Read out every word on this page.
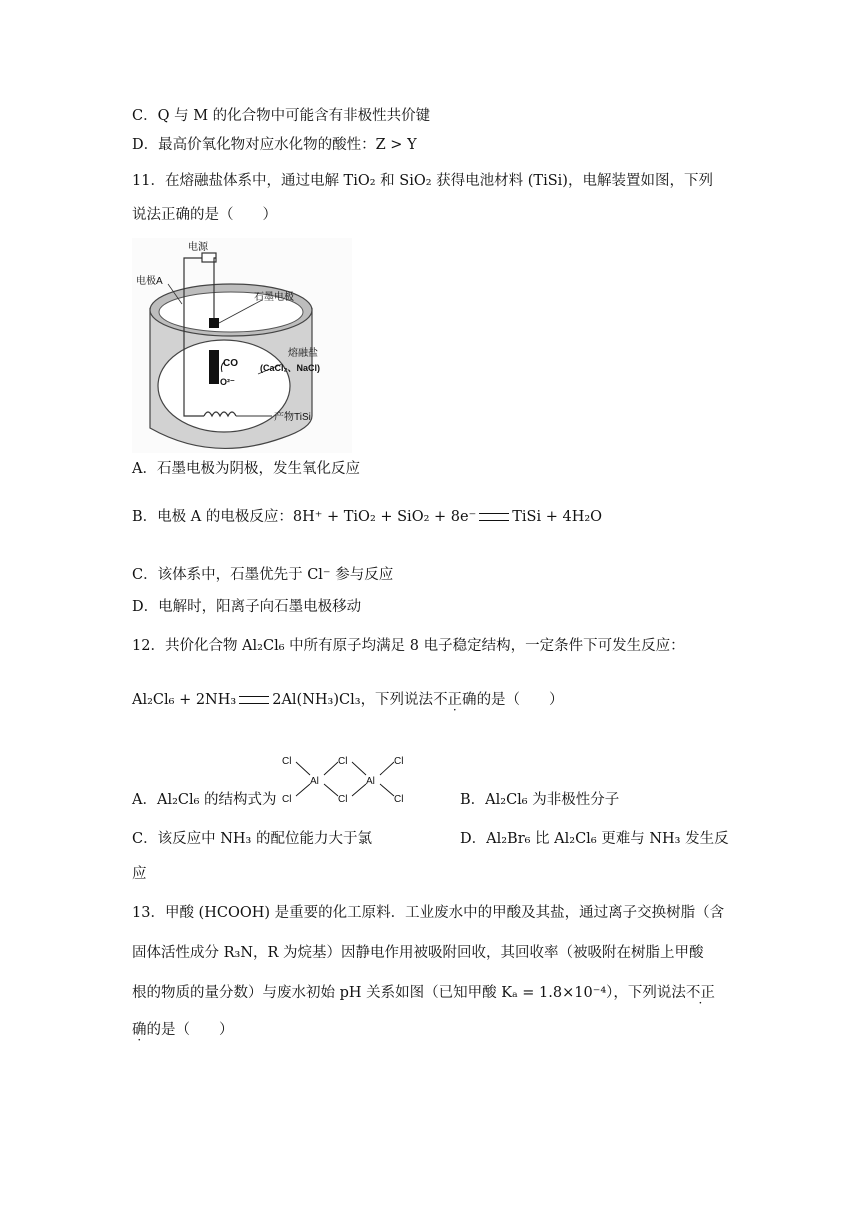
C．Q 与 M 的化合物中可能含有非极性共价键
D．最高价氧化物对应水化物的酸性：Z > Y
11．在熔融盐体系中，通过电解 TiO₂ 和 SiO₂ 获得电池材料 (TiSi)，电解装置如图，下列
说法正确的是（　　）
电源
电极A
石墨电极
CO
O²⁻
熔融盐
(CaCl₂、NaCl)
产物TiSi
A．石墨电极为阴极，发生氧化反应
B．电极 A 的电极反应：8H⁺ + TiO₂ + SiO₂ + 8e⁻ TiSi + 4H₂O
C．该体系中，石墨优先于 Cl⁻ 参与反应
D．电解时，阳离子向石墨电极移动
12．共价化合物 Al₂Cl₆ 中所有原子均满足 8 电子稳定结构，一定条件下可发生反应：
Al₂Cl₆ + 2NH₃ 2Al(NH₃)Cl₃，下列说法不正确的是（　　）
Cl
Cl
Al
Cl
Cl
Al
Cl
Cl
A．Al₂Cl₆ 的结构式为	B．Al₂Cl₆ 为非极性分子
C．该反应中 NH₃ 的配位能力大于氯	D．Al₂Br₆ 比 Al₂Cl₆ 更难与 NH₃ 发生反
应
13．甲酸 (HCOOH) 是重要的化工原料．工业废水中的甲酸及其盐，通过离子交换树脂（含
固体活性成分 R₃N，R 为烷基）因静电作用被吸附回收，其回收率（被吸附在树脂上甲酸
根的物质的量分数）与废水初始 pH 关系如图（已知甲酸 Kₐ = 1.8×10⁻⁴），下列说法不正
确的是（　　）
